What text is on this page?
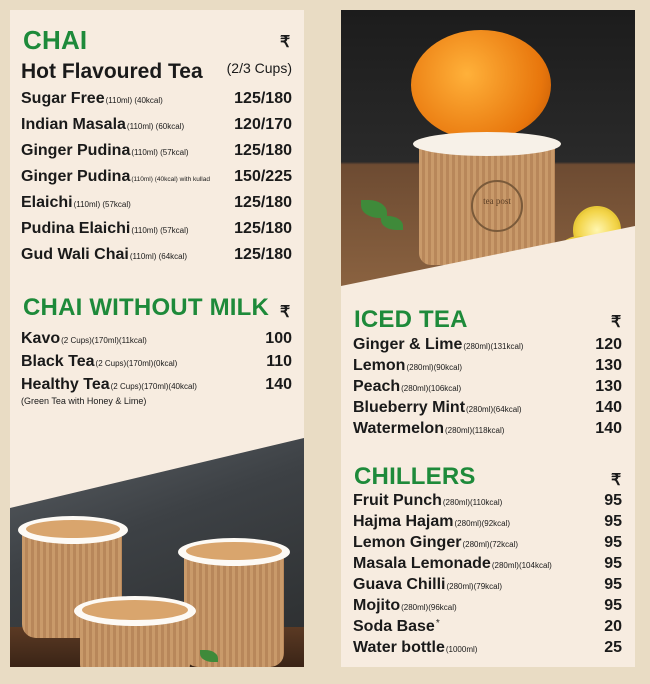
CHAI	₹
Hot Flavoured Tea (2/3 Cups)
Sugar Free (110ml) (40kcal)	125/180
Indian Masala (110ml) (60kcal)	120/170
Ginger Pudina (110ml) (57kcal)	125/180
Ginger Pudina (110ml) (40kcal) with kullad 150/225
Elaichi (110ml) (57kcal)	125/180
Pudina Elaichi (110ml) (57kcal)	125/180
Gud Wali Chai (110ml) (64kcal)	125/180
CHAI WITHOUT MILK ₹
Kavo (2 Cups)(170ml)(11kcal)	100
Black Tea (2 Cups)(170ml)(0kcal)	110
Healthy Tea (2 Cups)(170ml)(40kcal)	140
(Green Tea with Honey & Lime)
tea post
ICED TEA	₹
Ginger & Lime (280ml)(131kcal)	120
Lemon (280ml)(90kcal)	130
Peach (280ml)(106kcal)	130
Blueberry Mint (280ml)(64kcal)	140
Watermelon (280ml)(118kcal)	140
CHILLERS	₹
Fruit Punch (280ml)(110kcal)	95
Hajma Hajam (280ml)(92kcal)	95
Lemon Ginger (280ml)(72kcal)	95
Masala Lemonade (280ml)(104kcal)	95
Guava Chilli (280ml)(79kcal)	95
Mojito (280ml)(96kcal)	95
Soda Base *	20
Water bottle (1000ml)	25
